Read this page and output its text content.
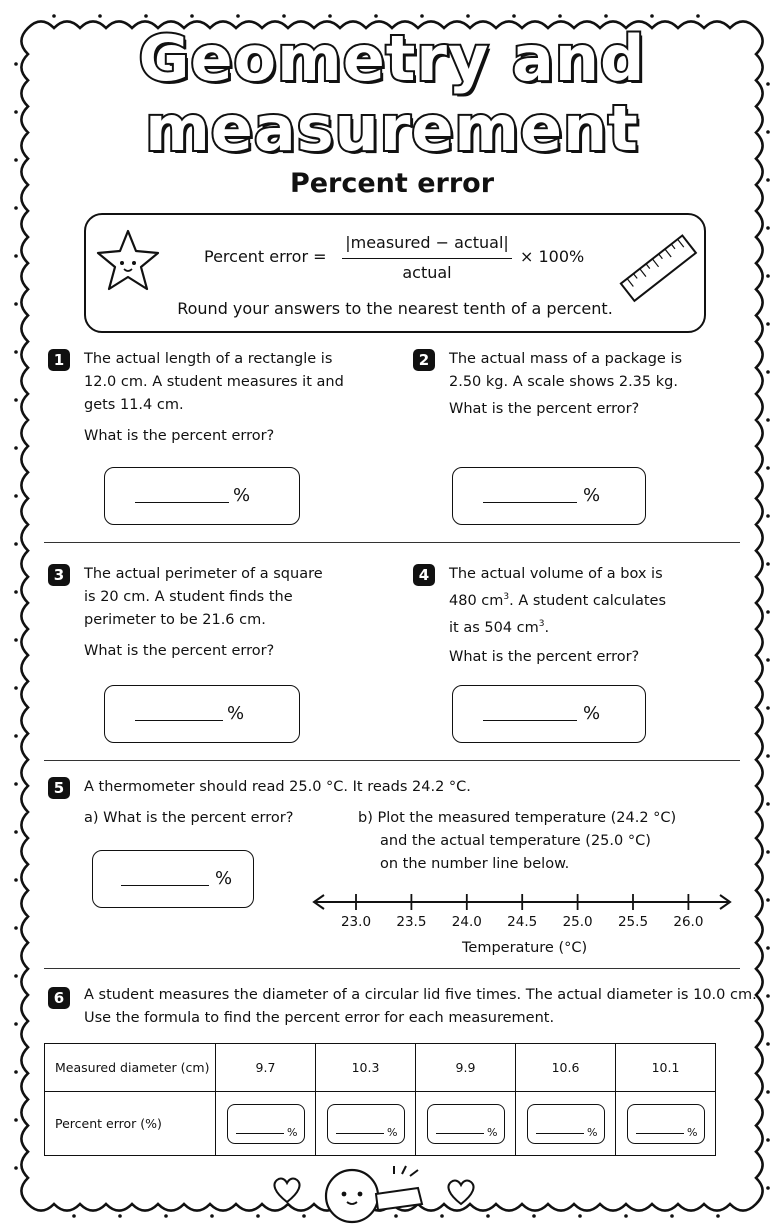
Geometry and
measurement
Percent error
Percent error =
|measured − actual|
actual
× 100%
Round your answers to the nearest tenth of a percent.
1	The actual length of a rectangle is
12.0 cm. A student measures it and
gets 11.4 cm.
What is the percent error?
%
2	The actual mass of a package is
2.50 kg. A scale shows 2.35 kg.
What is the percent error?
%
3	The actual perimeter of a square
is 20 cm. A student finds the
perimeter to be 21.6 cm.
What is the percent error?
%
4	The actual volume of a box is
480 $cm^3$. A student calculates
it as 504 $cm^3$.
What is the percent error?
%
5	A thermometer should read 25.0 °C. It reads 24.2 °C.
a) What is the percent error?
%
b) Plot the measured temperature (24.2 °C)
and the actual temperature (25.0 °C)
on the number line below.
23.0	23.5	24.0	24.5	25.0	25.5	26.0
Temperature (°C)
6	A student measures the diameter of a circular lid five times. The actual diameter is 10.0 cm.
Use the formula to find the percent error for each measurement.
Measured diameter (cm)	9.7	10.3	9.9	10.6	10.1
Percent error (%)	%	%	%	%	%
